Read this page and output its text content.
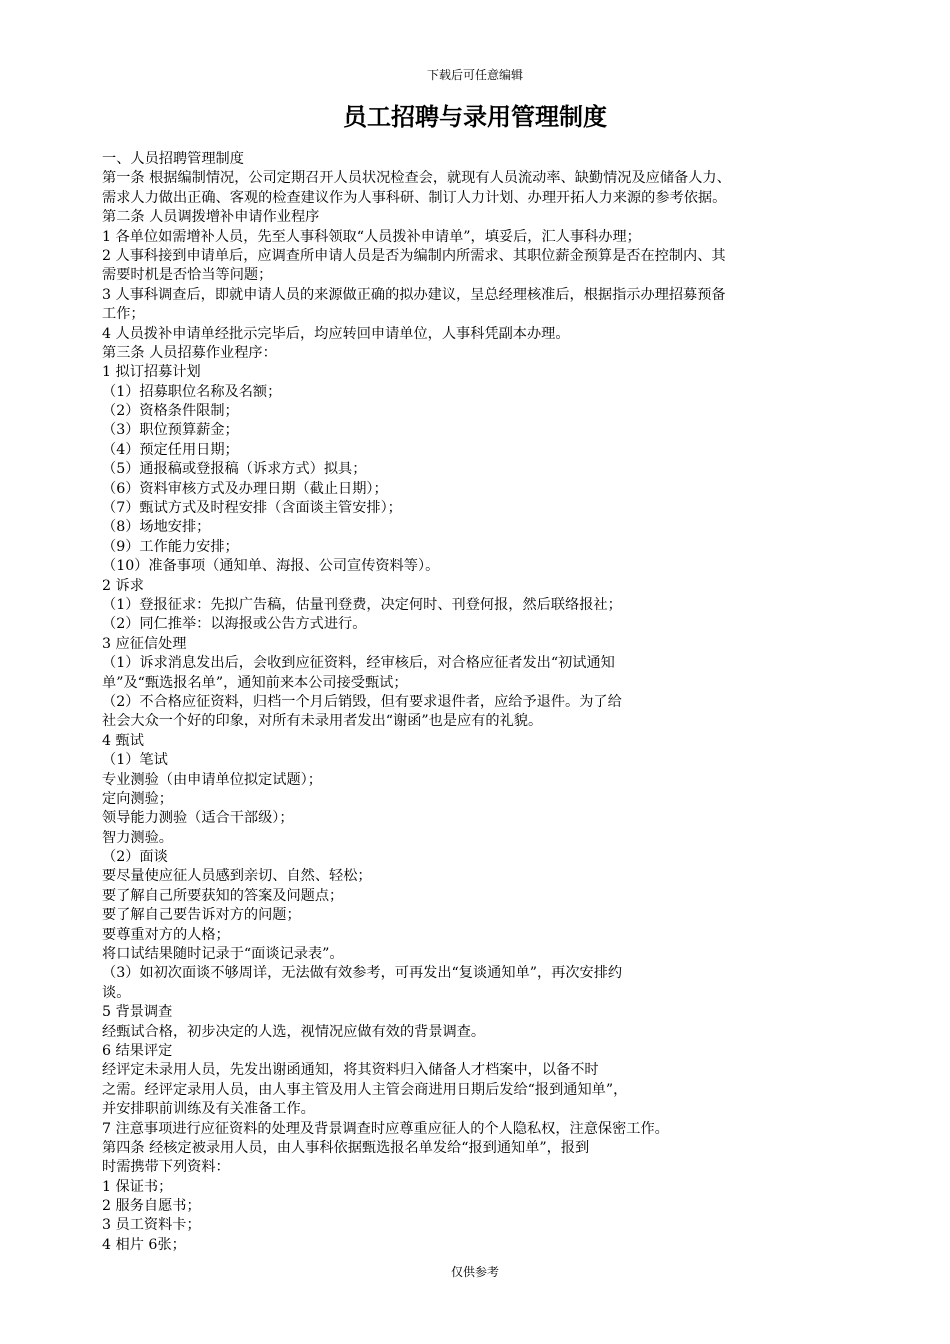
下载后可任意编辑
员工招聘与录用管理制度
一、人员招聘管理制度
第一条 根据编制情况，公司定期召开人员状况检查会，就现有人员流动率、缺勤情况及应储备人力、
需求人力做出正确、客观的检查建议作为人事科研、制订人力计划、办理开拓人力来源的参考依据。
第二条 人员调拨增补申请作业程序
1 各单位如需增补人员，先至人事科领取“人员拨补申请单”，填妥后，汇人事科办理；
2 人事科接到申请单后，应调查所申请人员是否为编制内所需求、其职位薪金预算是否在控制内、其
需要时机是否恰当等问题；
3 人事科调查后，即就申请人员的来源做正确的拟办建议，呈总经理核准后，根据指示办理招募预备
工作；
4 人员拨补申请单经批示完毕后，均应转回申请单位，人事科凭副本办理。
第三条 人员招募作业程序：
1 拟订招募计划
（1）招募职位名称及名额；
（2）资格条件限制；
（3）职位预算薪金；
（4）预定任用日期；
（5）通报稿或登报稿（诉求方式）拟具；
（6）资料审核方式及办理日期（截止日期）；
（7）甄试方式及时程安排（含面谈主管安排）；
（8）场地安排；
（9）工作能力安排；
（10）准备事项（通知单、海报、公司宣传资料等）。
2 诉求
（1）登报征求：先拟广告稿，估量刊登费，决定何时、刊登何报，然后联络报社；
（2）同仁推举：以海报或公告方式进行。
3 应征信处理
（1）诉求消息发出后，会收到应征资料，经审核后，对合格应征者发出“初试通知
单”及“甄选报名单”，通知前来本公司接受甄试；
（2）不合格应征资料，归档一个月后销毁，但有要求退件者，应给予退件。为了给
社会大众一个好的印象，对所有未录用者发出“谢函”也是应有的礼貌。
4 甄试
（1）笔试
专业测验（由申请单位拟定试题）；
定向测验；
领导能力测验（适合干部级）；
智力测验。
（2）面谈
要尽量使应征人员感到亲切、自然、轻松；
要了解自己所要获知的答案及问题点；
要了解自己要告诉对方的问题；
要尊重对方的人格；
将口试结果随时记录于“面谈记录表”。
（3）如初次面谈不够周详，无法做有效参考，可再发出“复谈通知单”，再次安排约
谈。
5 背景调查
经甄试合格，初步决定的人选，视情况应做有效的背景调查。
6 结果评定
经评定未录用人员，先发出谢函通知，将其资料归入储备人才档案中，以备不时
之需。经评定录用人员，由人事主管及用人主管会商进用日期后发给“报到通知单”，
并安排职前训练及有关准备工作。
7 注意事项进行应征资料的处理及背景调查时应尊重应征人的个人隐私权，注意保密工作。
第四条 经核定被录用人员，由人事科依据甄选报名单发给“报到通知单”，报到
时需携带下列资料：
1 保证书；
2 服务自愿书；
3 员工资料卡；
4 相片 6张；
仅供参考
